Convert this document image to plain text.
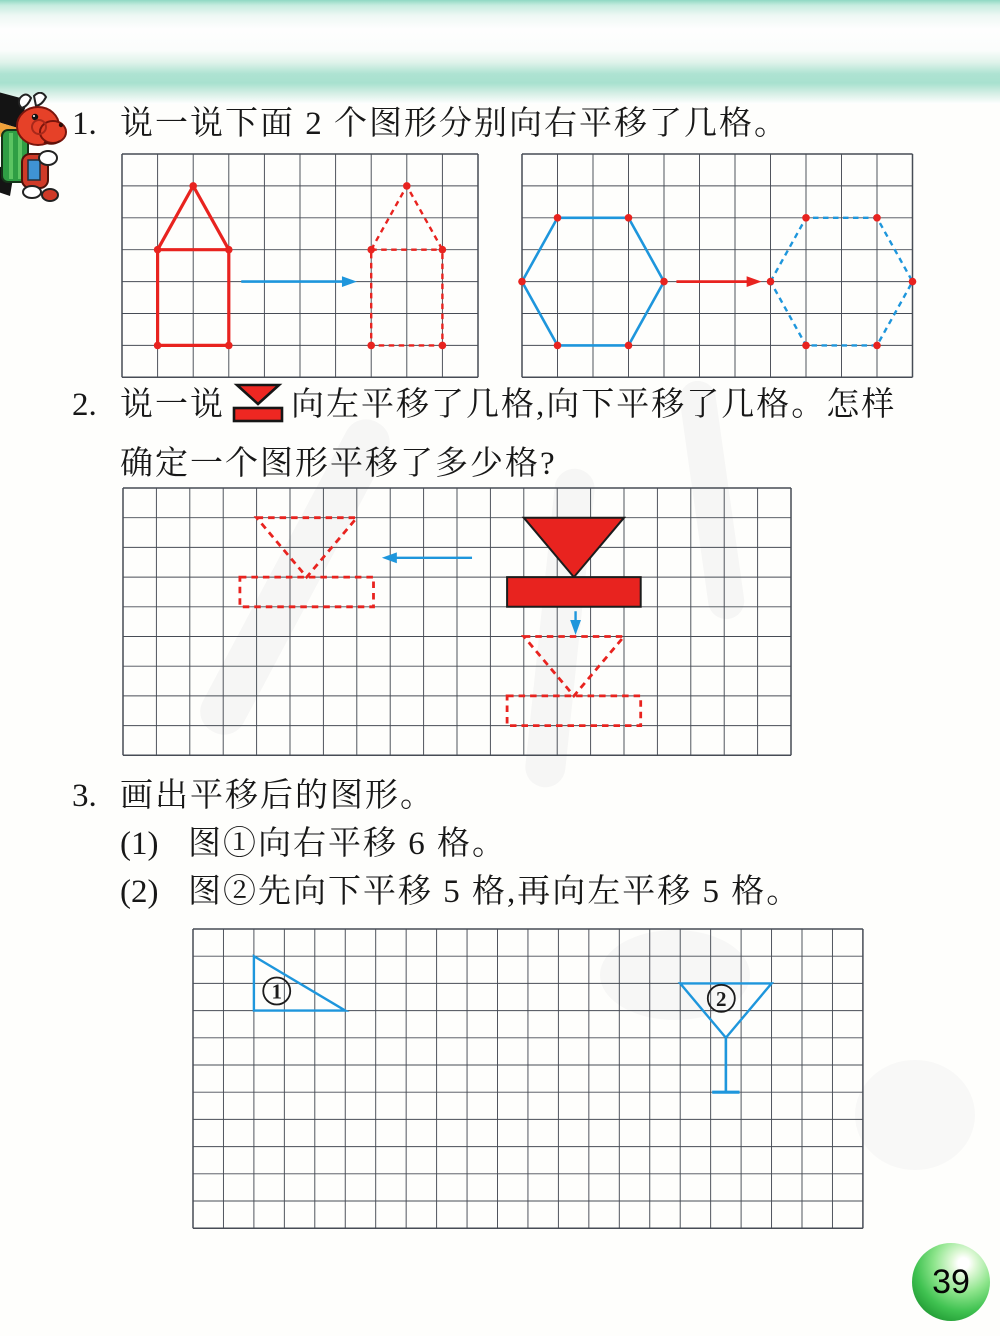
1. 说一说下面 2 个图形分别向右平移了几格。
2. 说一说 向左平移了几格,向下平移了几格。怎样
确定一个图形平移了多少格?
3. 画出平移后的图形。
(1) 图①向右平移 6 格。
(2) 图②先向下平移 5 格,再向左平移 5 格。
1	2
39
